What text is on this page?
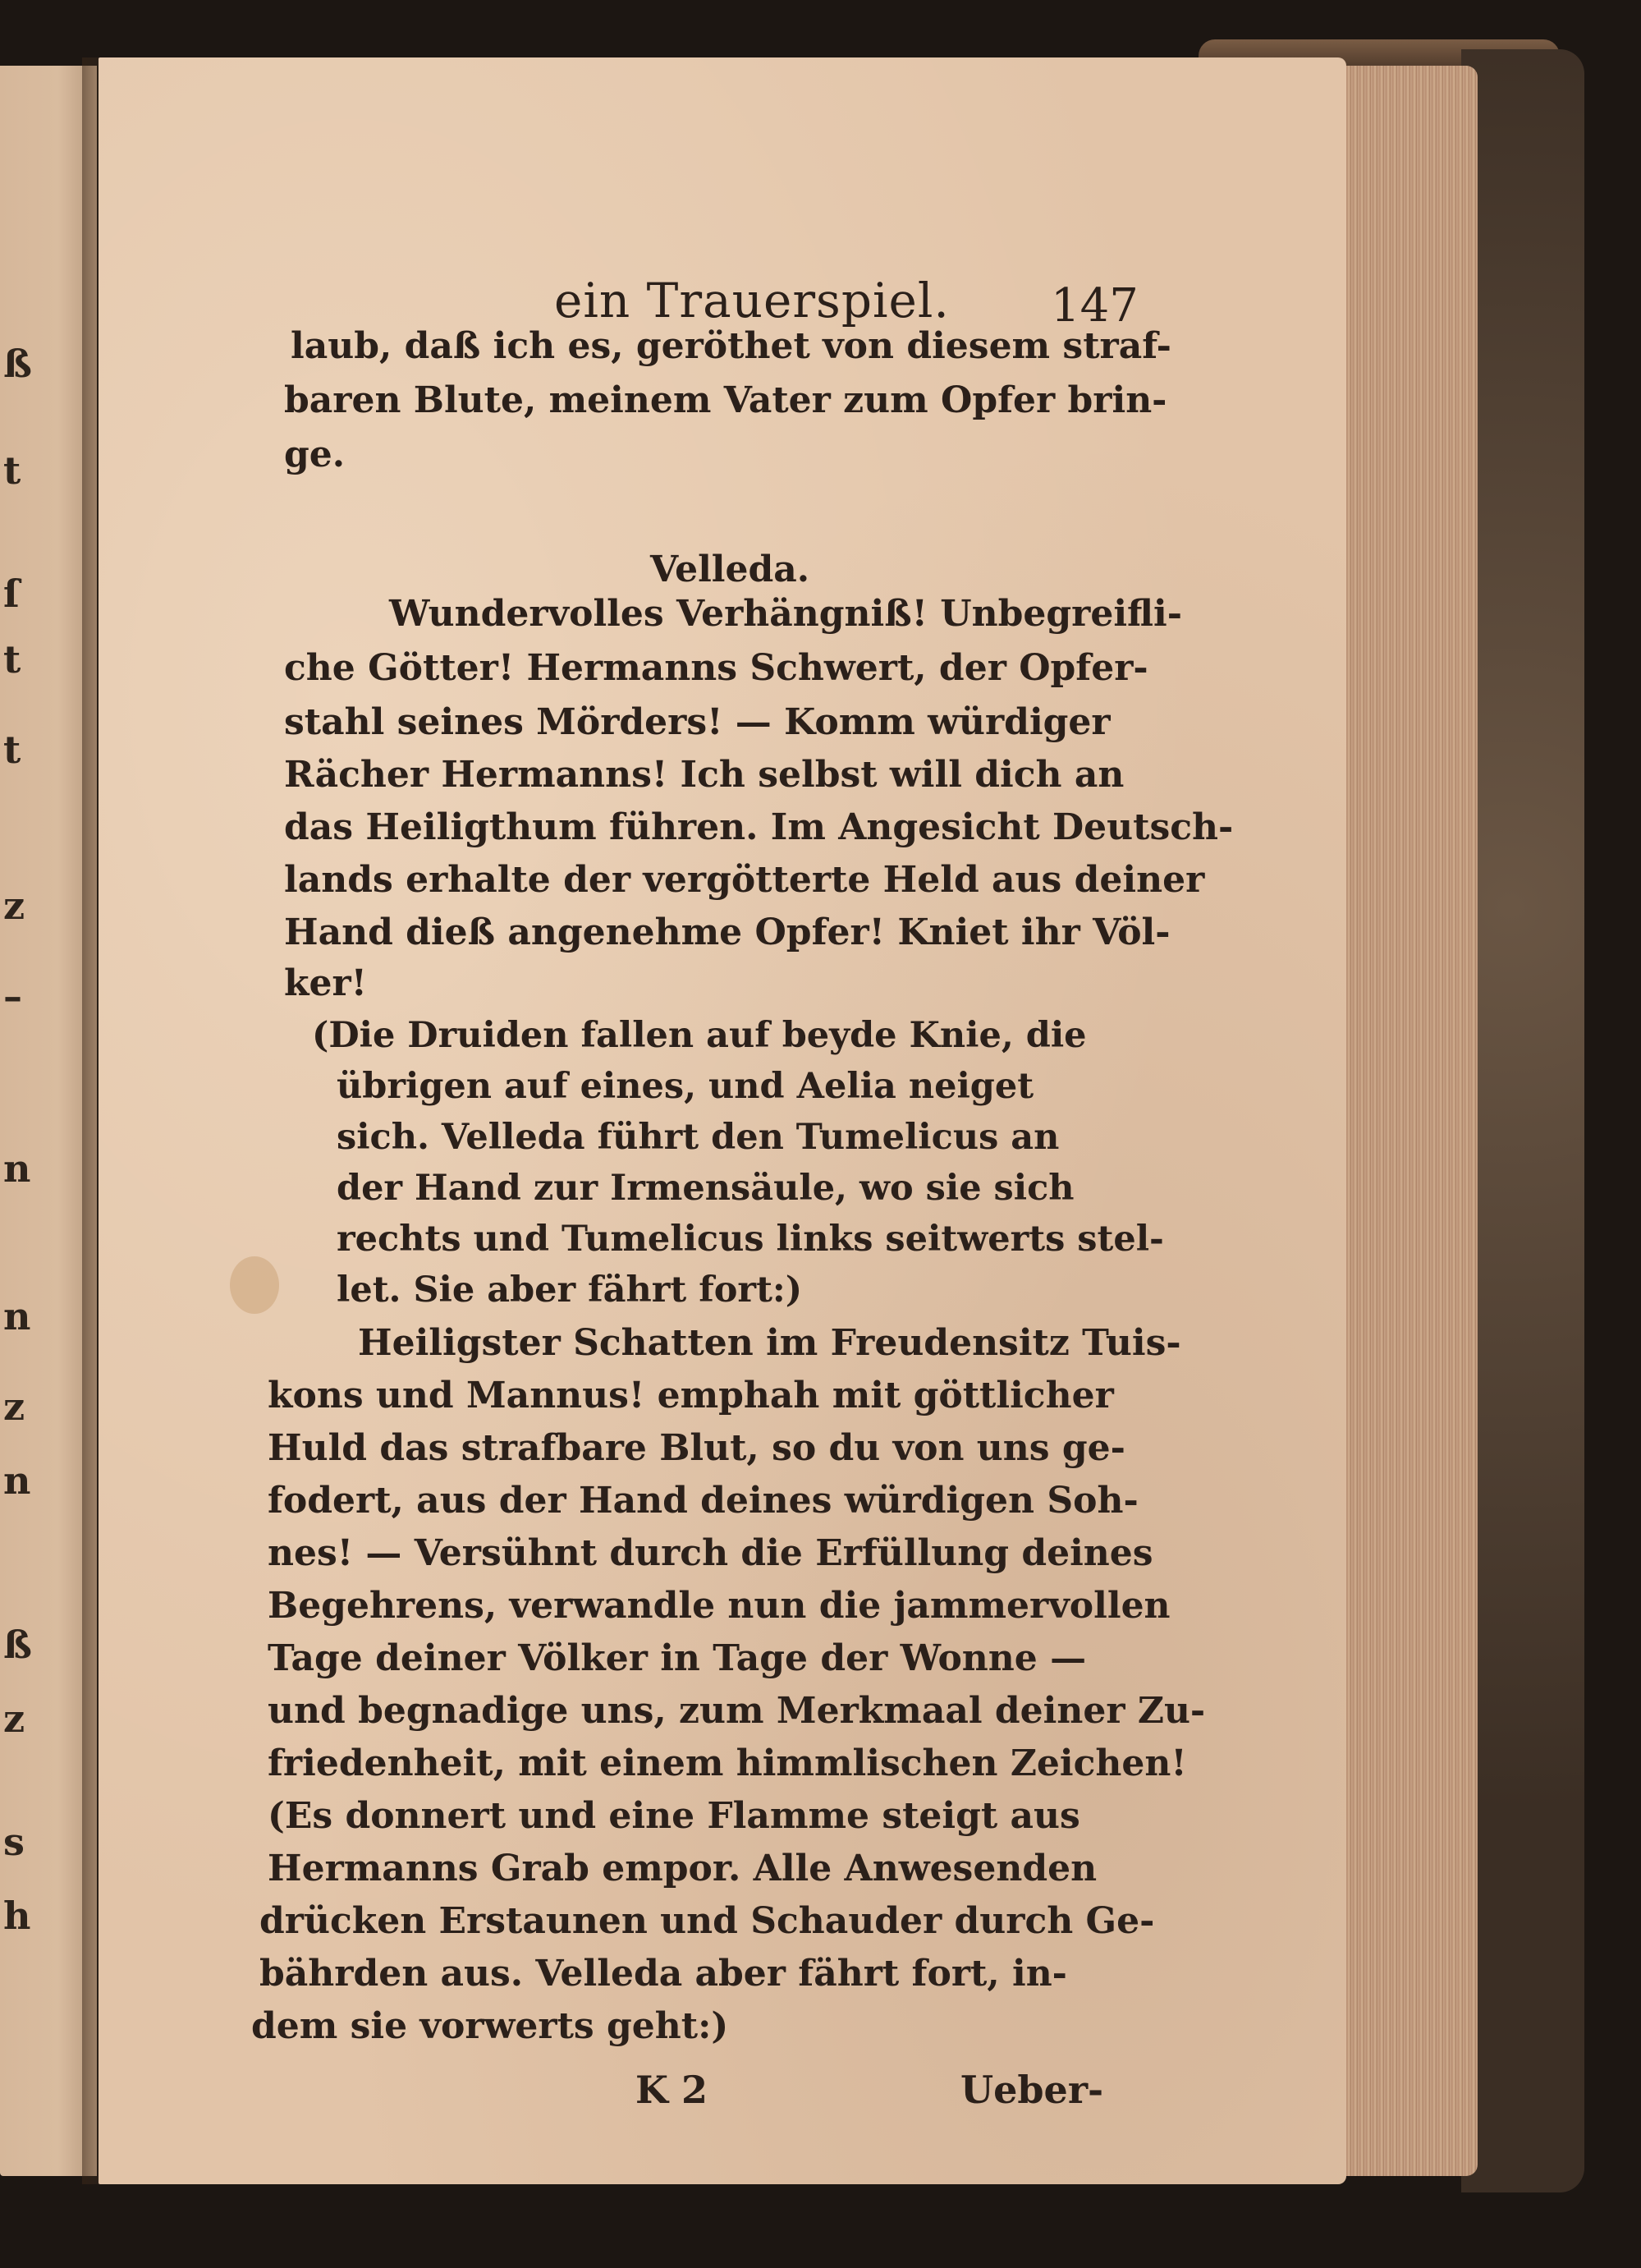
ß
t
ſ
t
t
z
–
n
n
z
n
ß
z
s
h
ein Trauerspiel. 147
laub, daß ich es, geröthet von diesem straf-
baren Blute, meinem Vater zum Opfer brin-
ge.
Velleda.
Wundervolles Verhängniß! Unbegreifli-
che Götter! Hermanns Schwert, der Opfer-
stahl seines Mörders! — Komm würdiger
Rächer Hermanns! Ich selbst will dich an
das Heiligthum führen. Im Angesicht Deutsch-
lands erhalte der vergötterte Held aus deiner
Hand dieß angenehme Opfer! Kniet ihr Völ-
ker!
(Die Druiden fallen auf beyde Knie, die
übrigen auf eines, und Aelia neiget
sich. Velleda führt den Tumelicus an
der Hand zur Irmensäule, wo sie sich
rechts und Tumelicus links seitwerts stel-
let. Sie aber fährt fort:)
Heiligster Schatten im Freudensitz Tuis-
kons und Mannus! emphah mit göttlicher
Huld das strafbare Blut, so du von uns ge-
fodert, aus der Hand deines würdigen Soh-
nes! — Versühnt durch die Erfüllung deines
Begehrens, verwandle nun die jammervollen
Tage deiner Völker in Tage der Wonne —
und begnadige uns, zum Merkmaal deiner Zu-
friedenheit, mit einem himmlischen Zeichen!
(Es donnert und eine Flamme steigt aus
Hermanns Grab empor. Alle Anwesenden
drücken Erstaunen und Schauder durch Ge-
bährden aus. Velleda aber fährt fort, in-
dem sie vorwerts geht:)
K 2	Ueber-
